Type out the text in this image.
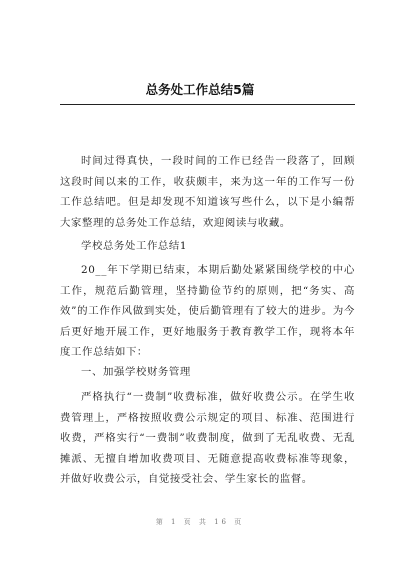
总务处工作总结5篇
时间过得真快，一段时间的工作已经告一段落了，回顾这段时间以来的工作，收获颇丰，来为这一年的工作写一份工作总结吧。但是却发现不知道该写些什么，以下是小编帮大家整理的总务处工作总结，欢迎阅读与收藏。
学校总务处工作总结1
20__年下学期已结束，本期后勤处紧紧围绕学校的中心工作，规范后勤管理，坚持勤俭节约的原则，把“务实、高效”的工作作风做到实处，使后勤管理有了较大的进步。为今后更好地开展工作，更好地服务于教育教学工作，现将本年度工作总结如下：
一、加强学校财务管理
严格执行“一费制”收费标准，做好收费公示。在学生收费管理上，严格按照收费公示规定的项目、标准、范围进行收费，严格实行“一费制”收费制度，做到了无乱收费、无乱摊派、无擅自增加收费项目、无随意提高收费标准等现象，并做好收费公示，自觉接受社会、学生家长的监督。
第 1 页 共 16 页
